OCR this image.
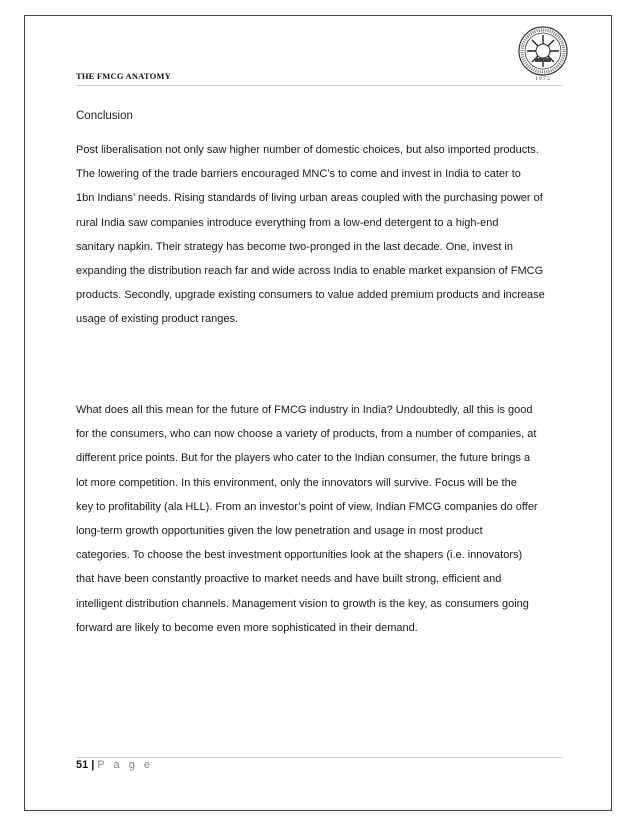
THE FMCG ANATOMY	1973
Conclusion
Post liberalisation not only saw higher number of domestic choices, but also imported products.
The lowering of the trade barriers encouraged MNC’s to come and invest in India to cater to
1bn Indians’ needs. Rising standards of living urban areas coupled with the purchasing power of
rural India saw companies introduce everything from a low-end detergent to a high-end
sanitary napkin. Their strategy has become two-pronged in the last decade. One, invest in
expanding the distribution reach far and wide across India to enable market expansion of FMCG
products. Secondly, upgrade existing consumers to value added premium products and increase
usage of existing product ranges.
What does all this mean for the future of FMCG industry in India? Undoubtedly, all this is good
for the consumers, who can now choose a variety of products, from a number of companies, at
different price points. But for the players who cater to the Indian consumer, the future brings a
lot more competition. In this environment, only the innovators will survive. Focus will be the
key to profitability (ala HLL). From an investor’s point of view, Indian FMCG companies do offer
long-term growth opportunities given the low penetration and usage in most product
categories. To choose the best investment opportunities look at the shapers (i.e. innovators)
that have been constantly proactive to market needs and have built strong, efficient and
intelligent distribution channels. Management vision to growth is the key, as consumers going
forward are likely to become even more sophisticated in their demand.
51 | P a g e
